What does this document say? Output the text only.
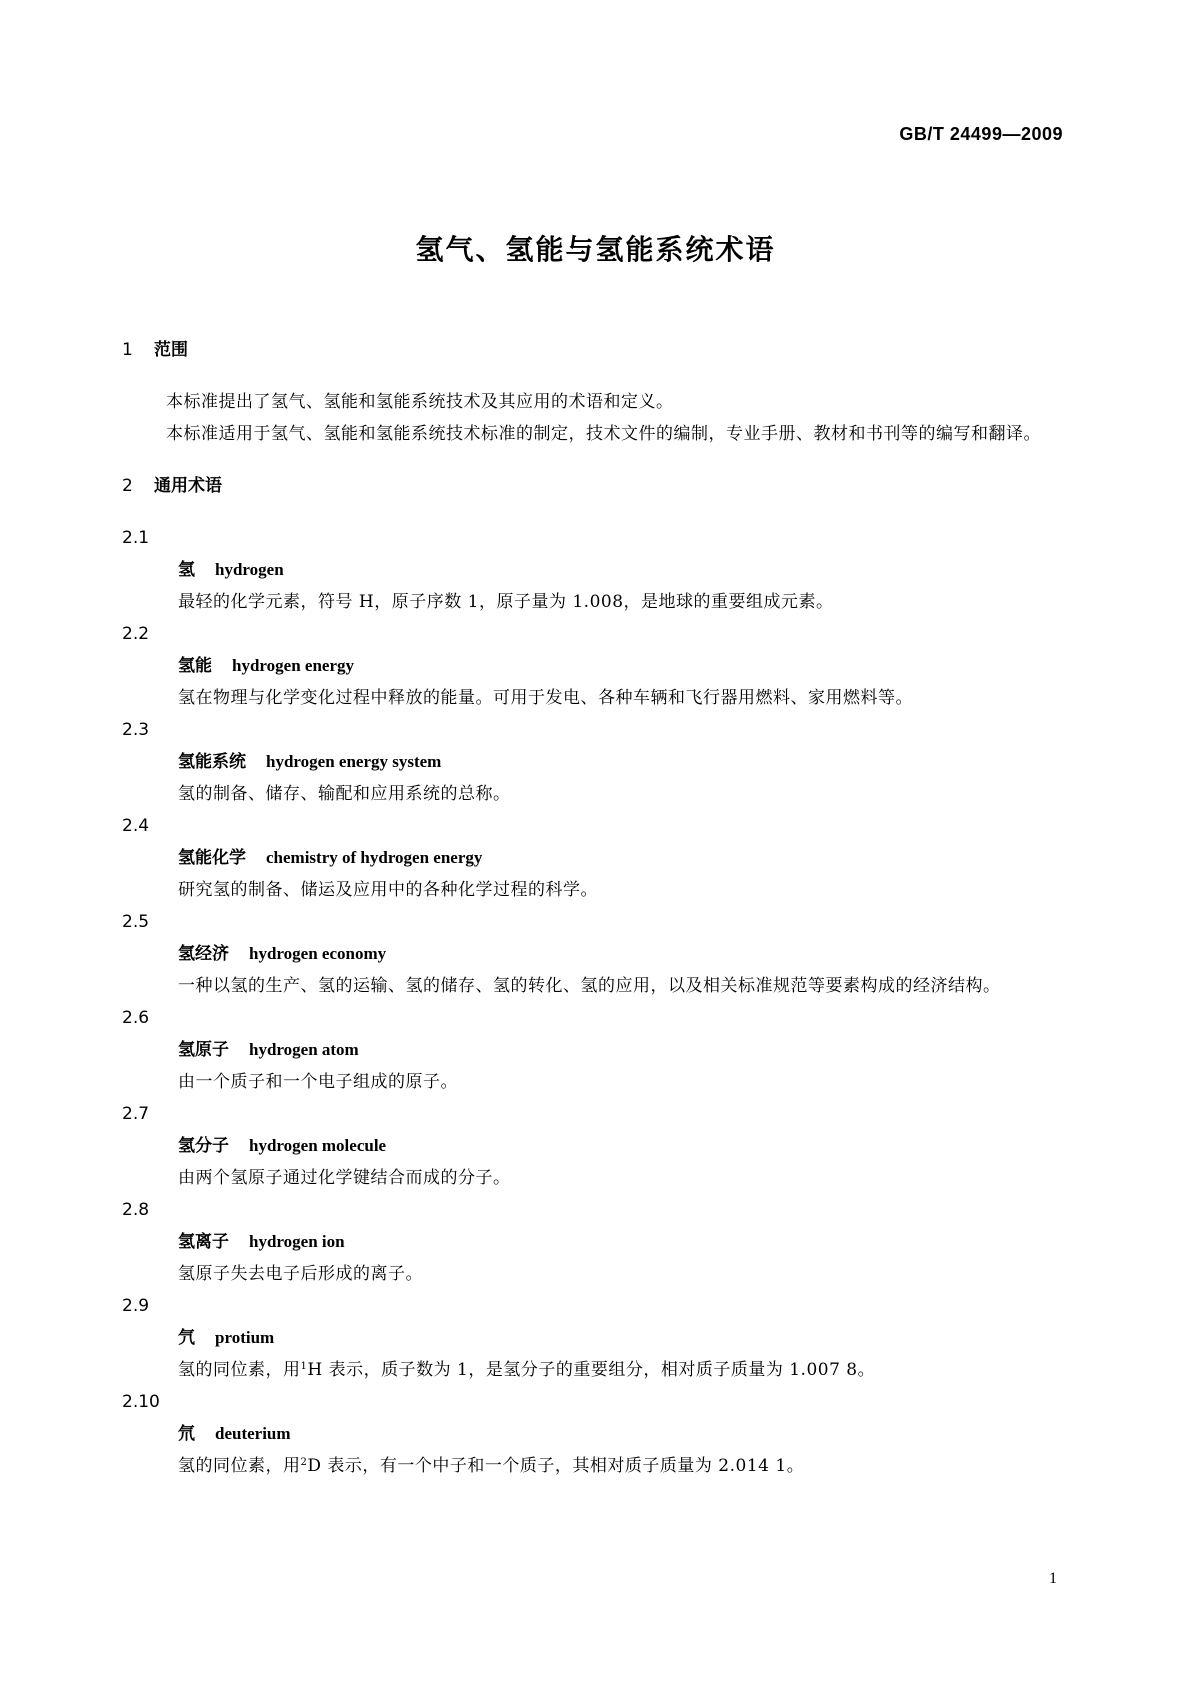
GB/T 24499—2009
氢气、氢能与氢能系统术语

1 范围

本标准提出了氢气、氢能和氢能系统技术及其应用的术语和定义。

本标准适用于氢气、氢能和氢能系统技术标准的制定，技术文件的编制，专业手册、教材和书刊等的编写和翻译。

2 通用术语

2.1

氢 hydrogen

最轻的化学元素，符号 H，原子序数 1，原子量为 1.008，是地球的重要组成元素。

2.2

氢能 hydrogen energy

氢在物理与化学变化过程中释放的能量。可用于发电、各种车辆和飞行器用燃料、家用燃料等。

2.3

氢能系统 hydrogen energy system

氢的制备、储存、输配和应用系统的总称。

2.4

氢能化学 chemistry of hydrogen energy

研究氢的制备、储运及应用中的各种化学过程的科学。

2.5

氢经济 hydrogen economy

一种以氢的生产、氢的运输、氢的储存、氢的转化、氢的应用，以及相关标准规范等要素构成的经济结构。

2.6

氢原子 hydrogen atom

由一个质子和一个电子组成的原子。

2.7

氢分子 hydrogen molecule

由两个氢原子通过化学键结合而成的分子。

2.8

氢离子 hydrogen ion

氢原子失去电子后形成的离子。

2.9

氕 protium

氢的同位素，用$^1$H 表示，质子数为 1，是氢分子的重要组分，相对质子质量为 1.007 8。

2.10

氘 deuterium

氢的同位素，用$^2$D 表示，有一个中子和一个质子，其相对质子质量为 2.014 1。

1
